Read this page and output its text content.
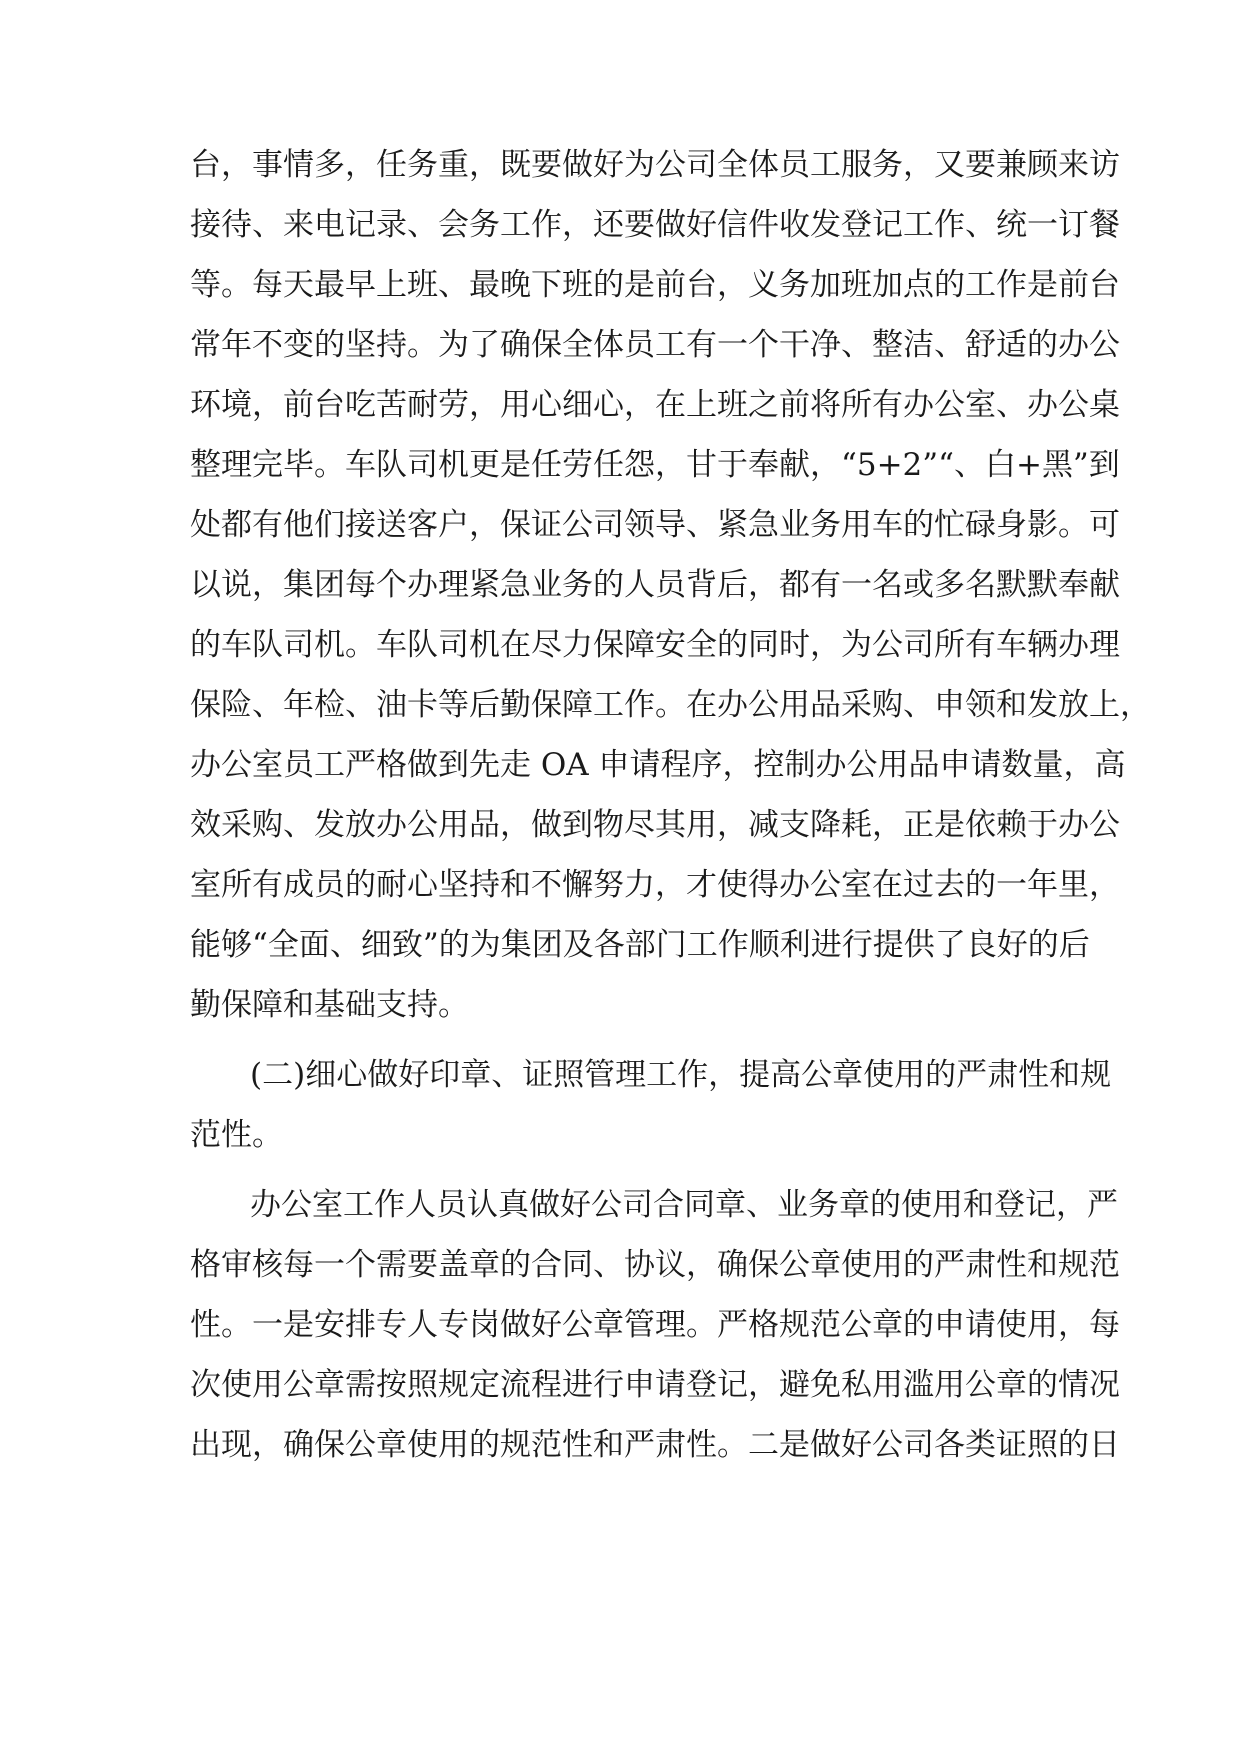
台，事情多，任务重，既要做好为公司全体员工服务，又要兼顾来访
接待、来电记录、会务工作，还要做好信件收发登记工作、统一订餐
等。每天最早上班、最晚下班的是前台，义务加班加点的工作是前台
常年不变的坚持。为了确保全体员工有一个干净、整洁、舒适的办公
环境，前台吃苦耐劳，用心细心，在上班之前将所有办公室、办公桌
整理完毕。车队司机更是任劳任怨，甘于奉献，“5+2”“、白+黑”到
处都有他们接送客户，保证公司领导、紧急业务用车的忙碌身影。可
以说，集团每个办理紧急业务的人员背后，都有一名或多名默默奉献
的车队司机。车队司机在尽力保障安全的同时，为公司所有车辆办理
保险、年检、油卡等后勤保障工作。在办公用品采购、申领和发放上，
办公室员工严格做到先走 OA 申请程序，控制办公用品申请数量，高
效采购、发放办公用品，做到物尽其用，减支降耗，正是依赖于办公
室所有成员的耐心坚持和不懈努力，才使得办公室在过去的一年里，
能够“全面、细致”的为集团及各部门工作顺利进行提供了良好的后
勤保障和基础支持。
(二)细心做好印章、证照管理工作，提高公章使用的严肃性和规
范性。
办公室工作人员认真做好公司合同章、业务章的使用和登记，严
格审核每一个需要盖章的合同、协议，确保公章使用的严肃性和规范
性。一是安排专人专岗做好公章管理。严格规范公章的申请使用，每
次使用公章需按照规定流程进行申请登记，避免私用滥用公章的情况
出现，确保公章使用的规范性和严肃性。二是做好公司各类证照的日
